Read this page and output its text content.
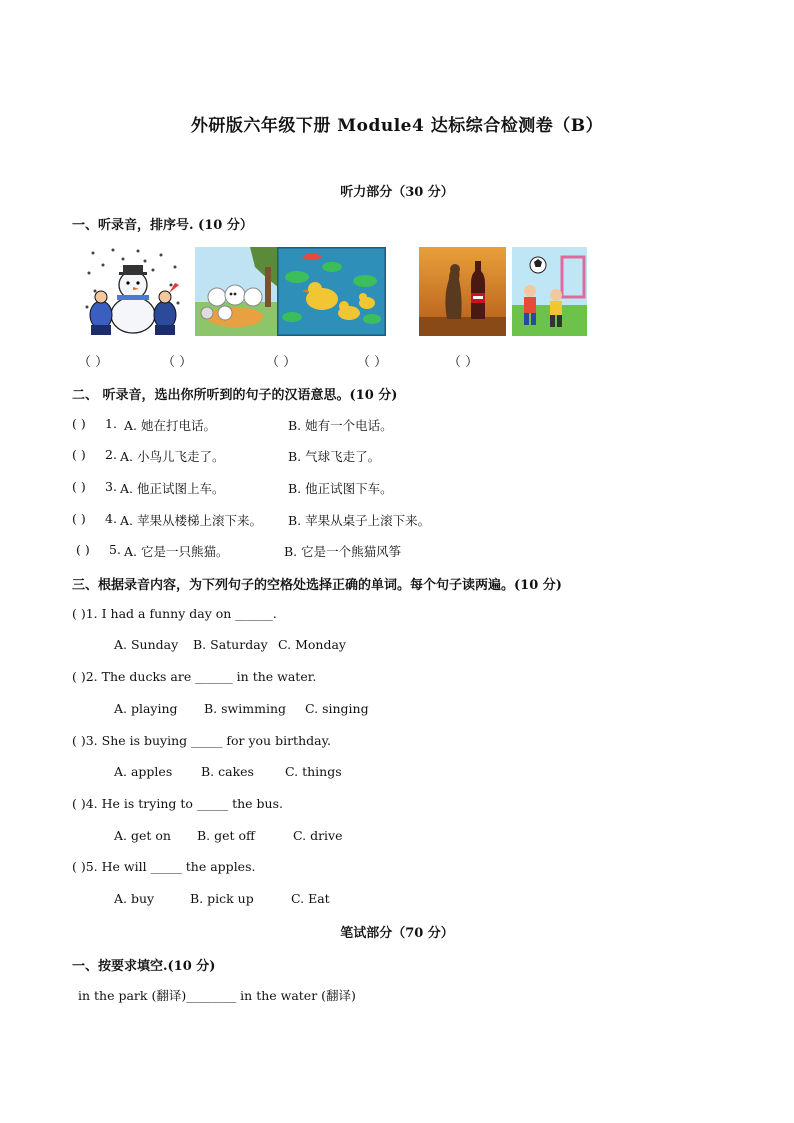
外研版六年级下册 Module4 达标综合检测卷（B）
听力部分（30 分）
一、听录音，排序号. (10 分）
（ ）	（ ）	（ ）	（ ）	（ ）
二、 听录音，选出你所听到的句子的汉语意思。(10 分)
( ) 1. A. 她在打电话。	B. 她有一个电话。
( ) 2. A. 小鸟儿飞走了。	B. 气球飞走了。
( ) 3. A. 他正试图上车。	B. 他正试图下车。
( ) 4. A. 苹果从楼梯上滚下来。 B. 苹果从桌子上滚下来。
( ) 5. A. 它是一只熊猫。	B. 它是一个熊猫风筝
三、根据录音内容，为下列句子的空格处选择正确的单词。每个句子读两遍。(10 分)
( )1. I had a funny day on ______.
A. Sunday B. Saturday C. Monday
( )2. The ducks are ______ in the water.
A. playing B. swimming C. singing
( )3. She is buying _____ for you birthday.
A. apples B. cakes C. things
( )4. He is trying to _____ the bus.
A. get on B. get off	C. drive
( )5. He will _____ the apples.
A. buy	B. pick up	C. Eat
笔试部分（70 分）
一、按要求填空.(10 分)
in the park (翻译)________ in the water (翻译)
